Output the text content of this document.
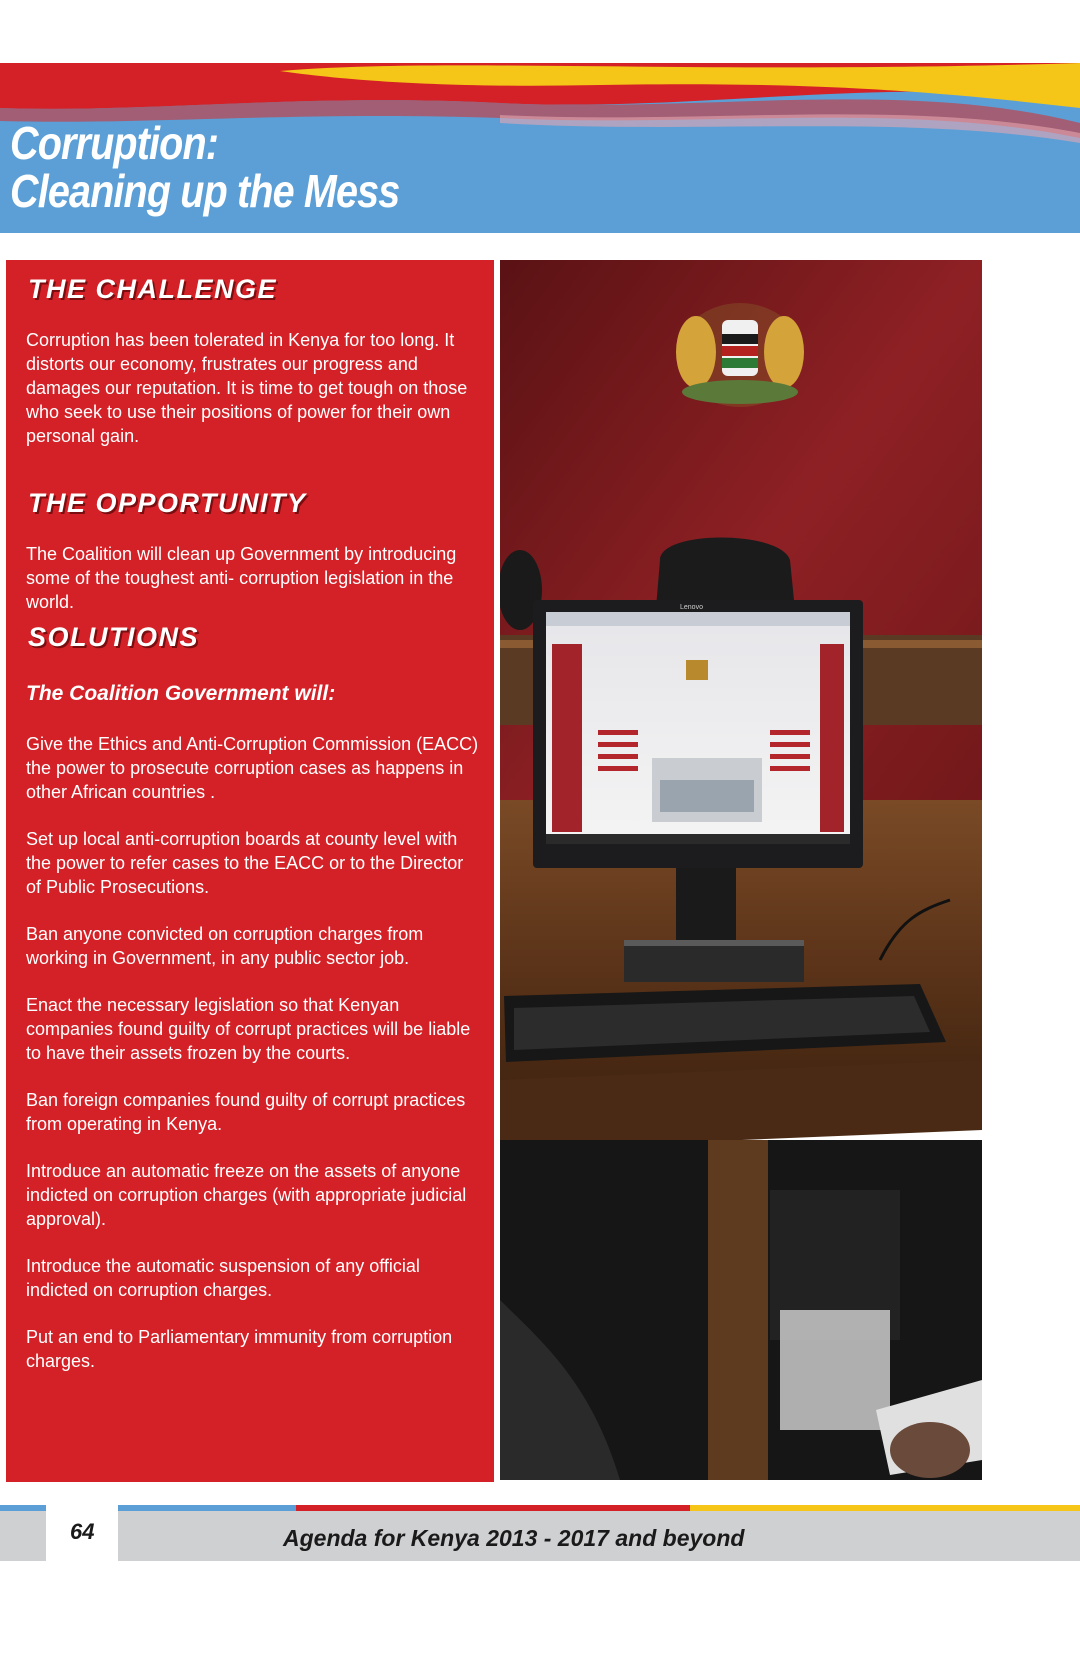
Corruption:
Cleaning up the Mess
THE CHALLENGE

Corruption has been tolerated in Kenya for too long. It distorts our economy, frustrates our progress and damages our reputation. It is time to get tough on those who seek to use their positions of power for their own personal gain.

THE OPPORTUNITY

The Coalition will clean up Government by introducing some of the toughest anti- corruption legislation in the world.

SOLUTIONS

The Coalition Government will:

Give the Ethics and Anti-Corruption Commission (EACC) the power to prosecute corruption cases as happens in other African countries .

Set up local anti-corruption boards at county level with the power to refer cases to the EACC or to the Director of Public Prosecutions.

Ban anyone convicted on corruption charges from working in Government, in any public sector job.

Enact the necessary legislation so that Kenyan companies found guilty of corrupt practices will be liable to have their assets frozen by the courts.

Ban foreign companies found guilty of corrupt practices from operating in Kenya.

Introduce an automatic freeze on the assets of anyone indicted on corruption charges (with appropriate judicial approval).

Introduce the automatic suspension of any official indicted on corruption charges.

Put an end to Parliamentary immunity from corruption charges.

Lenovo
64	Agenda for Kenya 2013 - 2017 and beyond
